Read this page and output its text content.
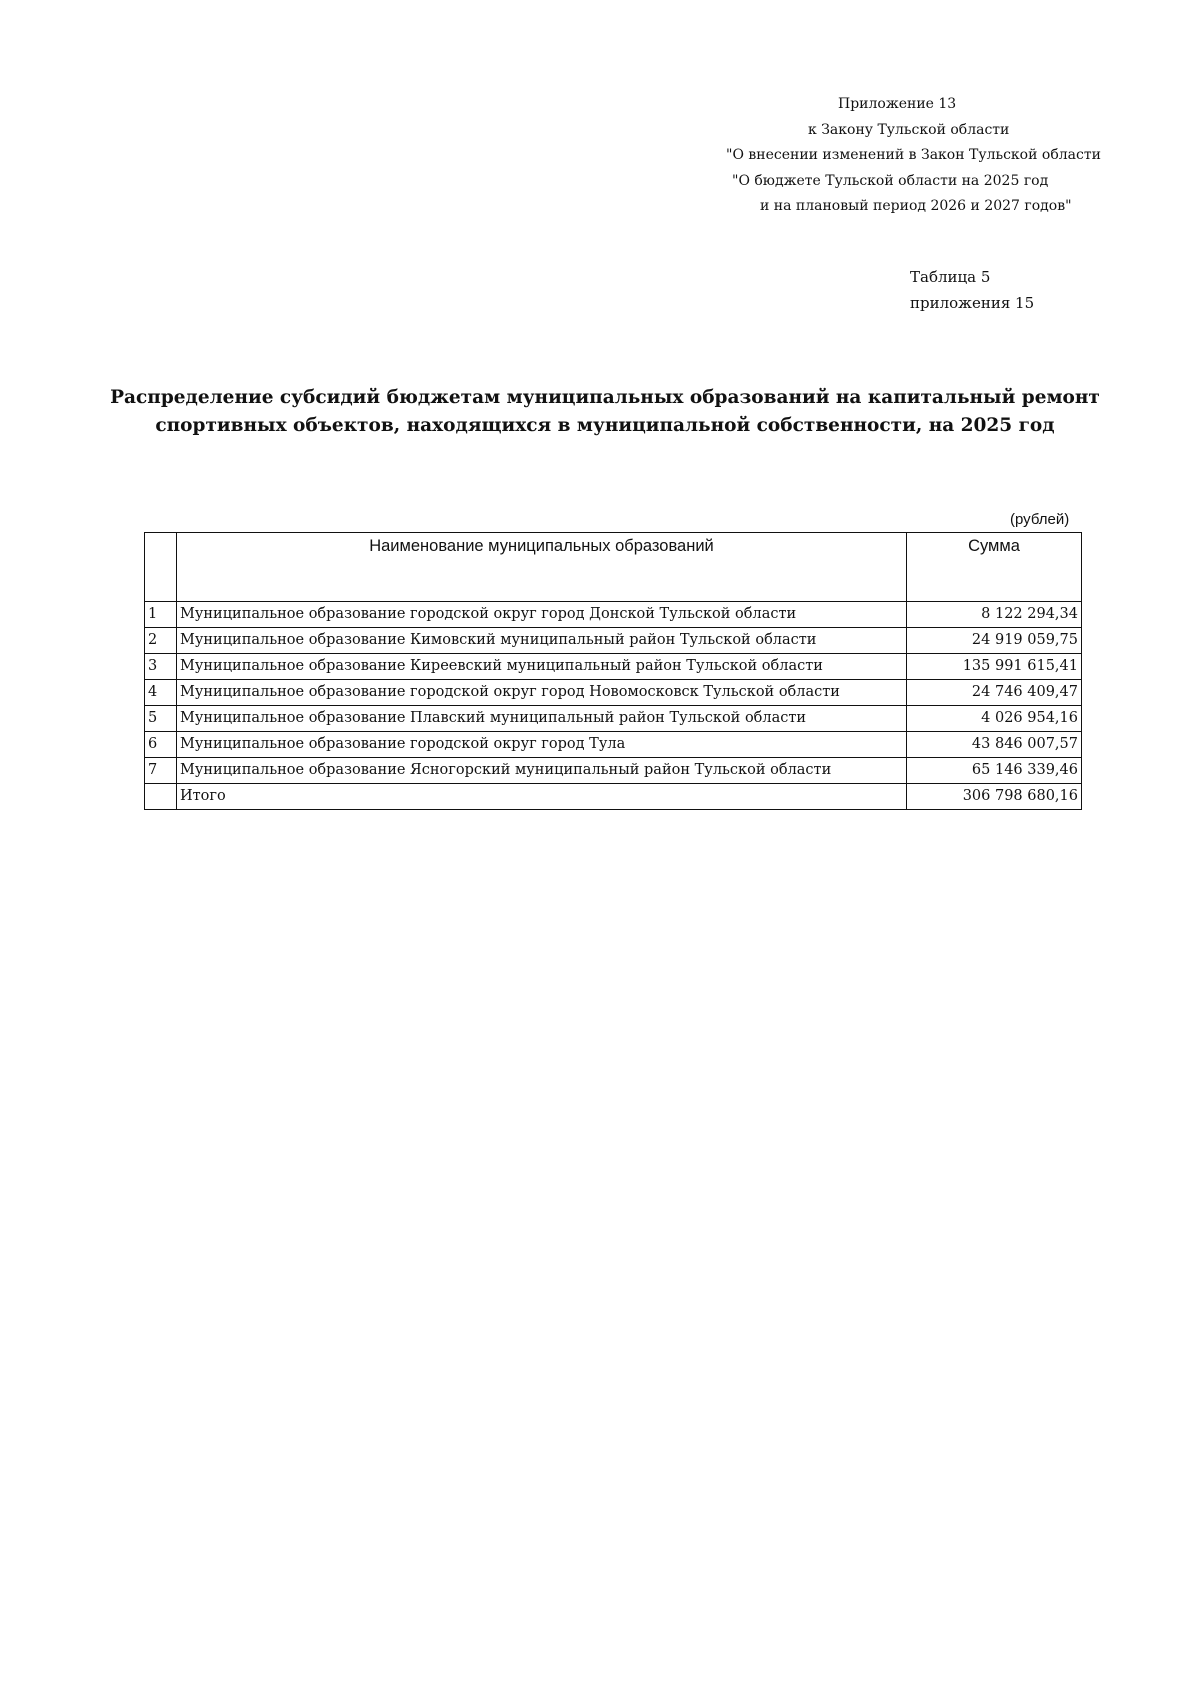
Приложение 13
к Закону Тульской области
"О внесении изменений в Закон Тульской области
"О бюджете Тульской области на 2025 год
и на плановый период 2026 и 2027 годов"
Таблица 5
приложения 15
Распределение субсидий бюджетам муниципальных образований на капитальный ремонт
спортивных объектов, находящихся в муниципальной собственности, на 2025 год
(рублей)
	Наименование муниципальных образований	Сумма
1	Муниципальное образование городской округ город Донской Тульской области	8 122 294,34
2	Муниципальное образование Кимовский муниципальный район Тульской области	24 919 059,75
3	Муниципальное образование Киреевский муниципальный район Тульской области	135 991 615,41
4	Муниципальное образование городской округ город Новомосковск Тульской области	24 746 409,47
5	Муниципальное образование Плавский муниципальный район Тульской области	4 026 954,16
6	Муниципальное образование городской округ город Тула	43 846 007,57
7	Муниципальное образование Ясногорский муниципальный район Тульской области	65 146 339,46
	Итого	306 798 680,16
